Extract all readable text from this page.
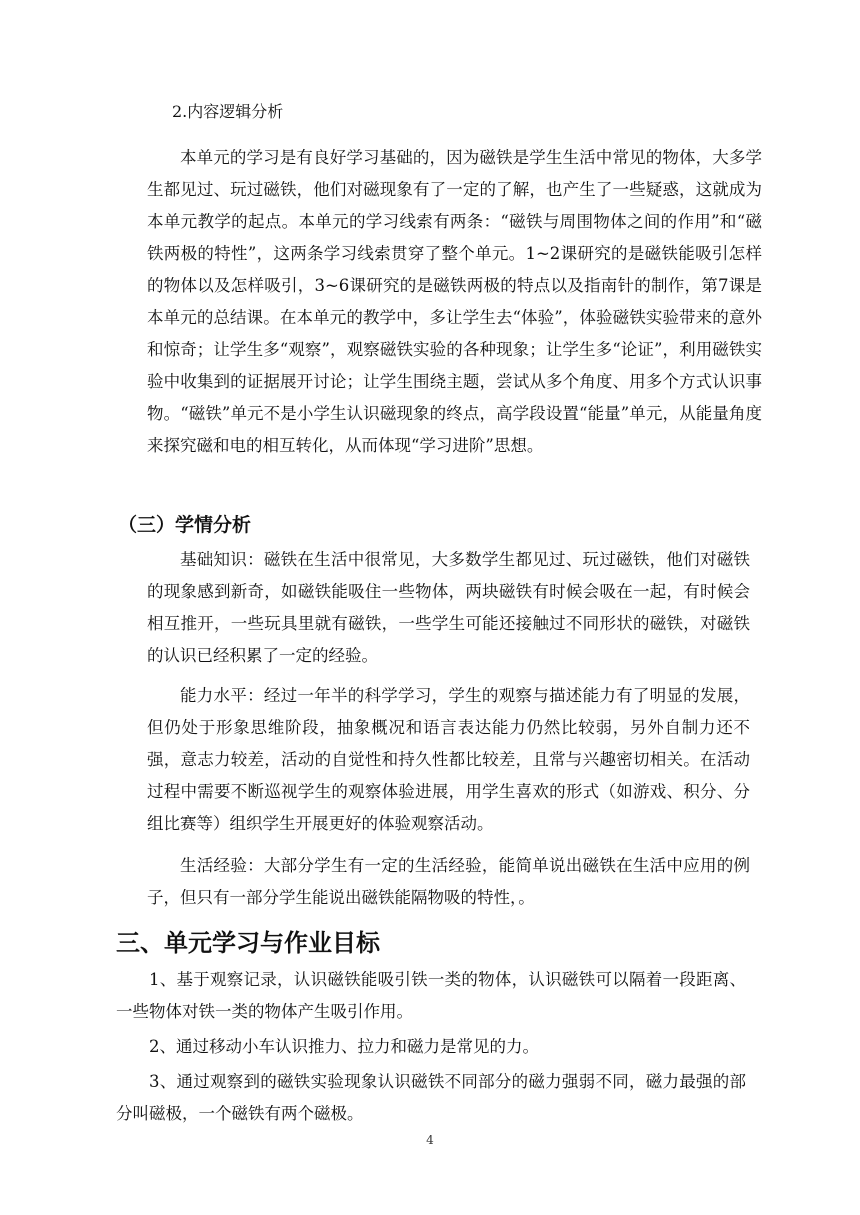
2.内容逻辑分析

本单元的学习是有良好学习基础的，因为磁铁是学生生活中常见的物体，大多学生都见过、玩过磁铁，他们对磁现象有了一定的了解，也产生了一些疑惑，这就成为本单元教学的起点。本单元的学习线索有两条：“磁铁与周围物体之间的作用”和“磁铁两极的特性”，这两条学习线索贯穿了整个单元。1~2课研究的是磁铁能吸引怎样的物体以及怎样吸引，3~6课研究的是磁铁两极的特点以及指南针的制作，第7课是本单元的总结课。在本单元的教学中，多让学生去“体验”，体验磁铁实验带来的意外和惊奇；让学生多“观察”，观察磁铁实验的各种现象；让学生多“论证”，利用磁铁实验中收集到的证据展开讨论；让学生围绕主题，尝试从多个角度、用多个方式认识事物。“磁铁”单元不是小学生认识磁现象的终点，高学段设置“能量”单元，从能量角度来探究磁和电的相互转化，从而体现“学习进阶”思想。

（三）学情分析

基础知识：磁铁在生活中很常见，大多数学生都见过、玩过磁铁，他们对磁铁的现象感到新奇，如磁铁能吸住一些物体，两块磁铁有时候会吸在一起，有时候会相互推开，一些玩具里就有磁铁，一些学生可能还接触过不同形状的磁铁，对磁铁的认识已经积累了一定的经验。

能力水平：经过一年半的科学学习，学生的观察与描述能力有了明显的发展，但仍处于形象思维阶段，抽象概况和语言表达能力仍然比较弱，另外自制力还不强，意志力较差，活动的自觉性和持久性都比较差，且常与兴趣密切相关。在活动过程中需要不断巡视学生的观察体验进展，用学生喜欢的形式（如游戏、积分、分组比赛等）组织学生开展更好的体验观察活动。

生活经验：大部分学生有一定的生活经验，能简单说出磁铁在生活中应用的例子，但只有一部分学生能说出磁铁能隔物吸的特性，。

三、单元学习与作业目标

1、基于观察记录，认识磁铁能吸引铁一类的物体，认识磁铁可以隔着一段距离、一些物体对铁一类的物体产生吸引作用。

2、通过移动小车认识推力、拉力和磁力是常见的力。

3、通过观察到的磁铁实验现象认识磁铁不同部分的磁力强弱不同，磁力最强的部分叫磁极，一个磁铁有两个磁极。

4
